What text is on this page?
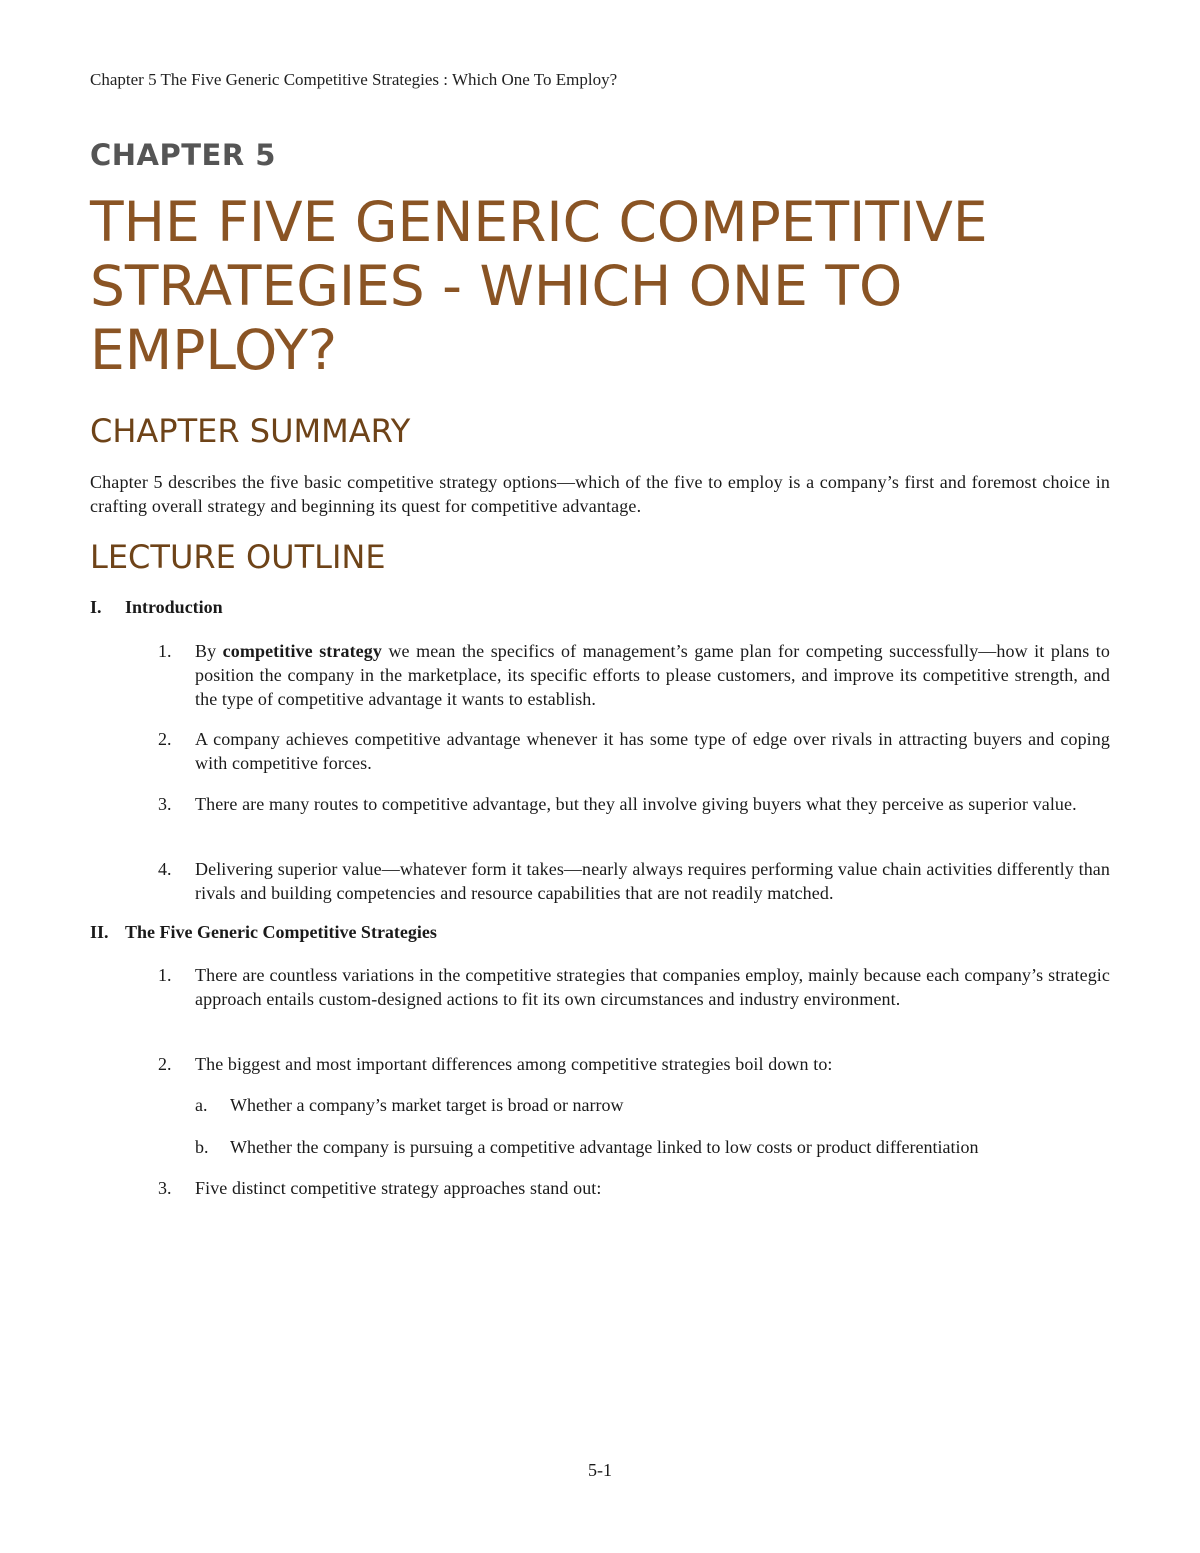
Chapter 5 The Five Generic Competitive Strategies : Which One To Employ?
CHAPTER 5
THE FIVE GENERIC COMPETITIVE STRATEGIES - WHICH ONE TO EMPLOY?
CHAPTER SUMMARY

Chapter 5 describes the five basic competitive strategy options—which of the five to employ is a company’s first and foremost choice in crafting overall strategy and beginning its quest for competitive advantage.

LECTURE OUTLINE
I. Introduction
1.	By competitive strategy we mean the specifics of management’s game plan for competing successfully—how it plans to position the company in the marketplace, its specific efforts to please customers, and improve its competitive strength, and the type of competitive advantage it wants to establish.
2.	A company achieves competitive advantage whenever it has some type of edge over rivals in attracting buyers and coping with competitive forces.
3.	There are many routes to competitive advantage, but they all involve giving buyers what they perceive as superior value.
4.	Delivering superior value—whatever form it takes—nearly always requires performing value chain activities differently than rivals and building competencies and resource capabilities that are not readily matched.
II. The Five Generic Competitive Strategies
1.	There are countless variations in the competitive strategies that companies employ, mainly because each company’s strategic approach entails custom-designed actions to fit its own circumstances and industry environment.
2.	The biggest and most important differences among competitive strategies boil down to:
a. Whether a company’s market target is broad or narrow
b. Whether the company is pursuing a competitive advantage linked to low costs or product differentiation
3.	Five distinct competitive strategy approaches stand out:
5-1
